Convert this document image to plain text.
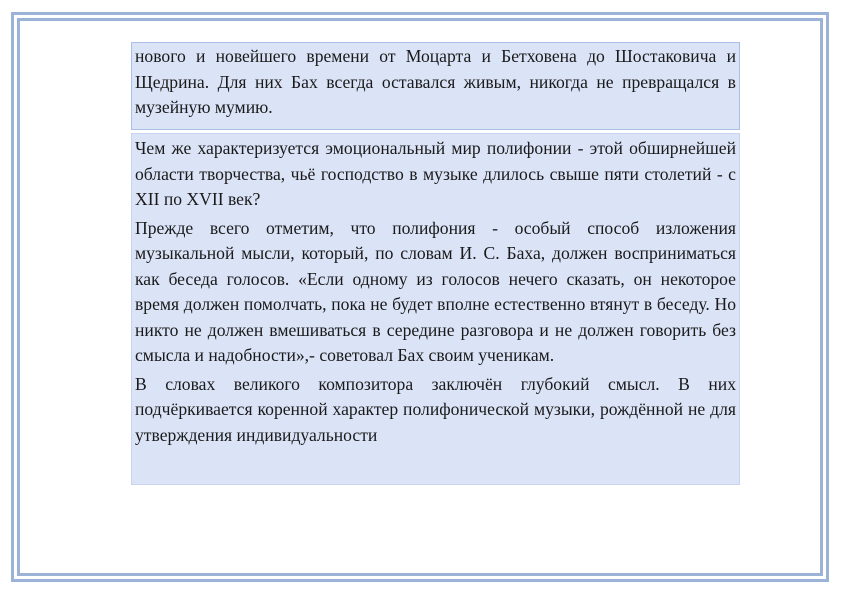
нового и новейшего времени от Моцарта и Бетховена до Шостаковича и Щедрина. Для них Бах всегда оставался живым, никогда не превращался в музейную мумию.

Чем же характеризуется эмоциональный мир полифонии - этой обширнейшей области творчества, чьё господство в музыке длилось свыше пяти столетий - с XII по XVII век?

Прежде всего отметим, что полифония - особый способ изложения музыкальной мысли, который, по словам И. С. Баха, должен восприниматься как беседа голосов. «Если одному из голосов нечего сказать, он некоторое время должен помолчать, пока не будет вполне естественно втянут в беседу. Но никто не должен вмешиваться в середине разговора и не должен говорить без смысла и надобности»,- советовал Бах своим ученикам.

В словах великого композитора заключён глубокий смысл. В них подчёркивается коренной характер полифонической музыки, рождённой не для утверждения индивидуальности
